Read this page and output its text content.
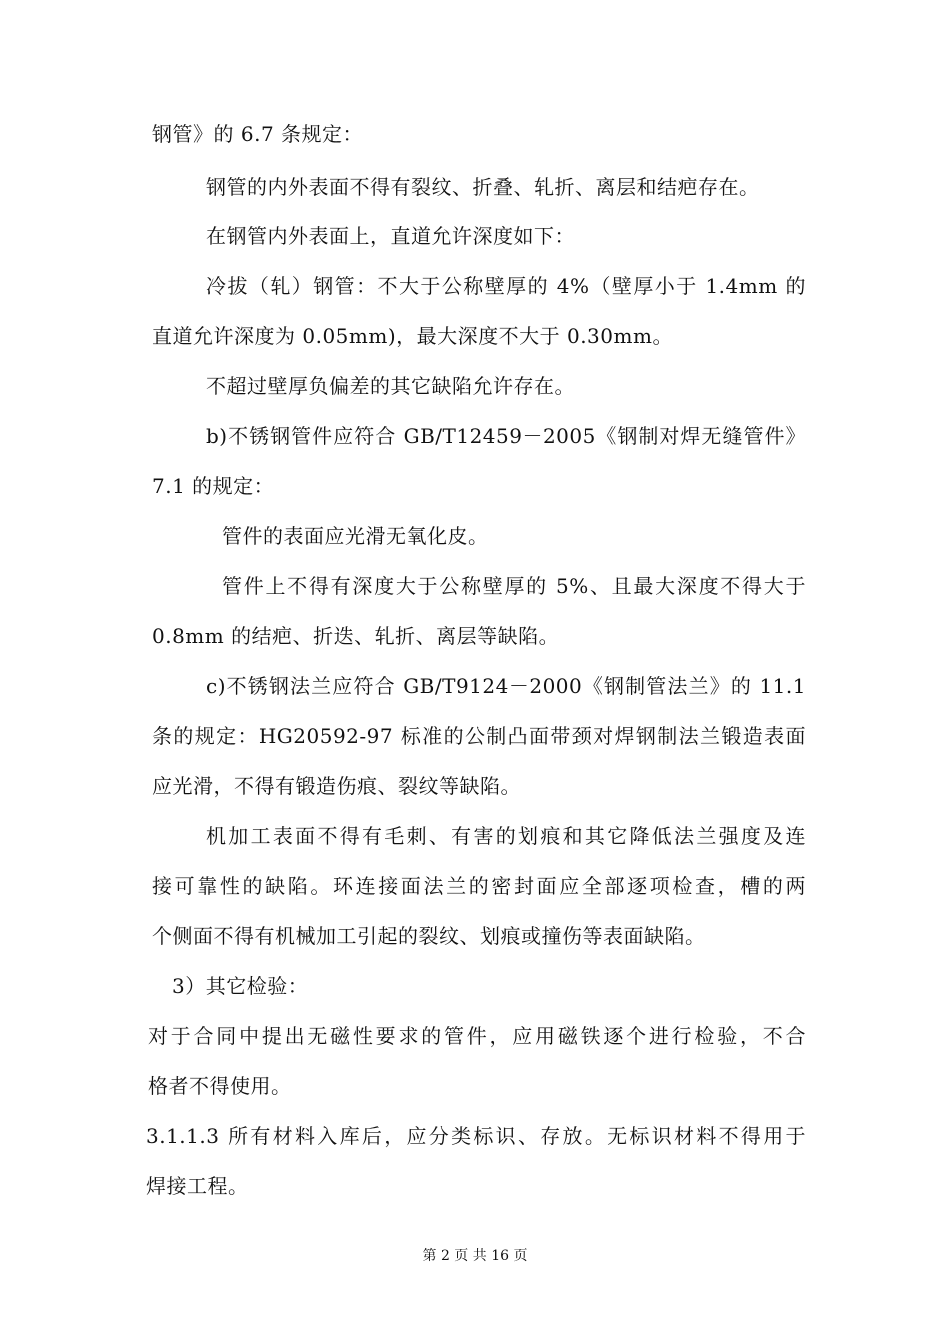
钢管》的 6.7 条规定：
钢管的内外表面不得有裂纹、折叠、轧折、离层和结疤存在。
在钢管内外表面上，直道允许深度如下：
冷拔（轧）钢管：不大于公称壁厚的 4%（壁厚小于 1.4mm 的
直道允许深度为 0.05mm)，最大深度不大于 0.30mm。
不超过壁厚负偏差的其它缺陷允许存在。
b)不锈钢管件应符合 GB/T12459－2005《钢制对焊无缝管件》
7.1 的规定：
管件的表面应光滑无氧化皮。
管件上不得有深度大于公称壁厚的 5%、且最大深度不得大于
0.8mm 的结疤、折迭、轧折、离层等缺陷。
c)不锈钢法兰应符合 GB/T9124－2000《钢制管法兰》的 11.1
条的规定：HG20592-97 标准的公制凸面带颈对焊钢制法兰锻造表面
应光滑，不得有锻造伤痕、裂纹等缺陷。
机加工表面不得有毛刺、有害的划痕和其它降低法兰强度及连
接可靠性的缺陷。环连接面法兰的密封面应全部逐项检查，槽的两
个侧面不得有机械加工引起的裂纹、划痕或撞伤等表面缺陷。
3）其它检验：
对于合同中提出无磁性要求的管件，应用磁铁逐个进行检验，不合
格者不得使用。
3.1.1.3 所有材料入库后，应分类标识、存放。无标识材料不得用于
焊接工程。
第 2 页 共 16 页
